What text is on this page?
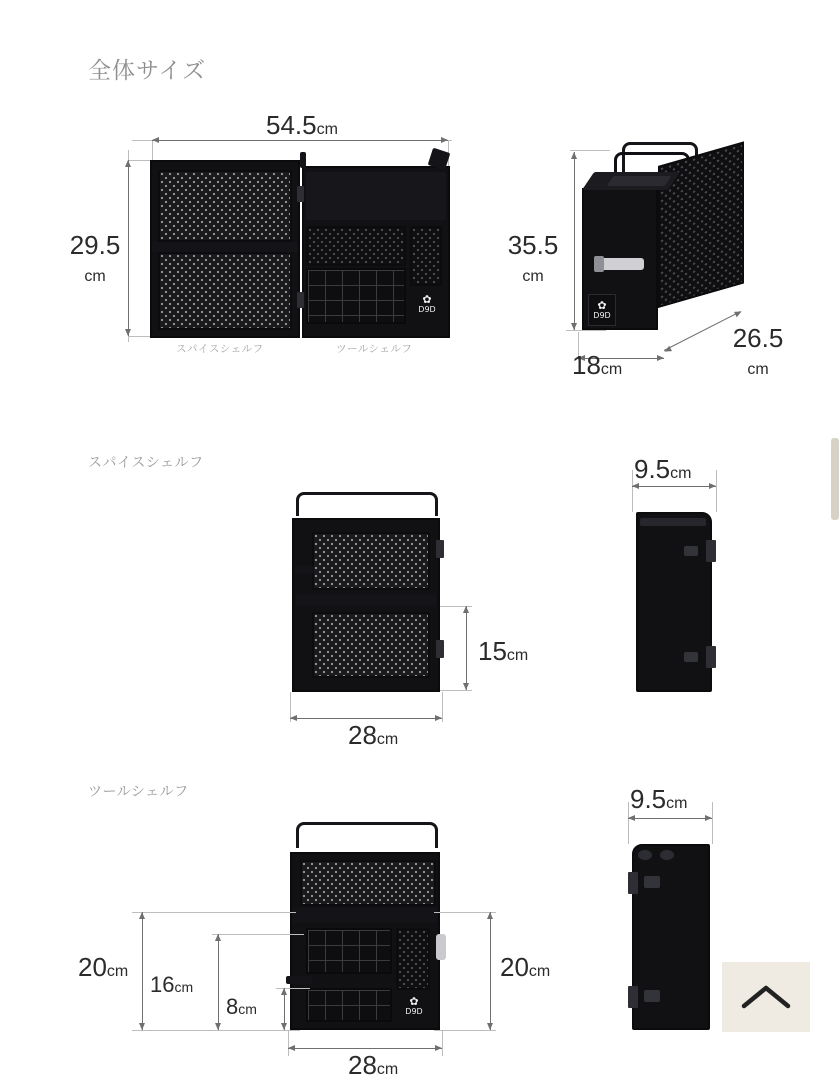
全体サイズ
✿
D9D
54.5cm
29.5
cm
スパイスシェルフ	ツールシェルフ
✿
D9D
35.5
cm
18cm
26.5
cm
スパイスシェルフ
15cm
28cm
9.5cm
ツールシェルフ
✿
D9D
20cm
16cm
8cm
20cm
28cm
9.5cm
